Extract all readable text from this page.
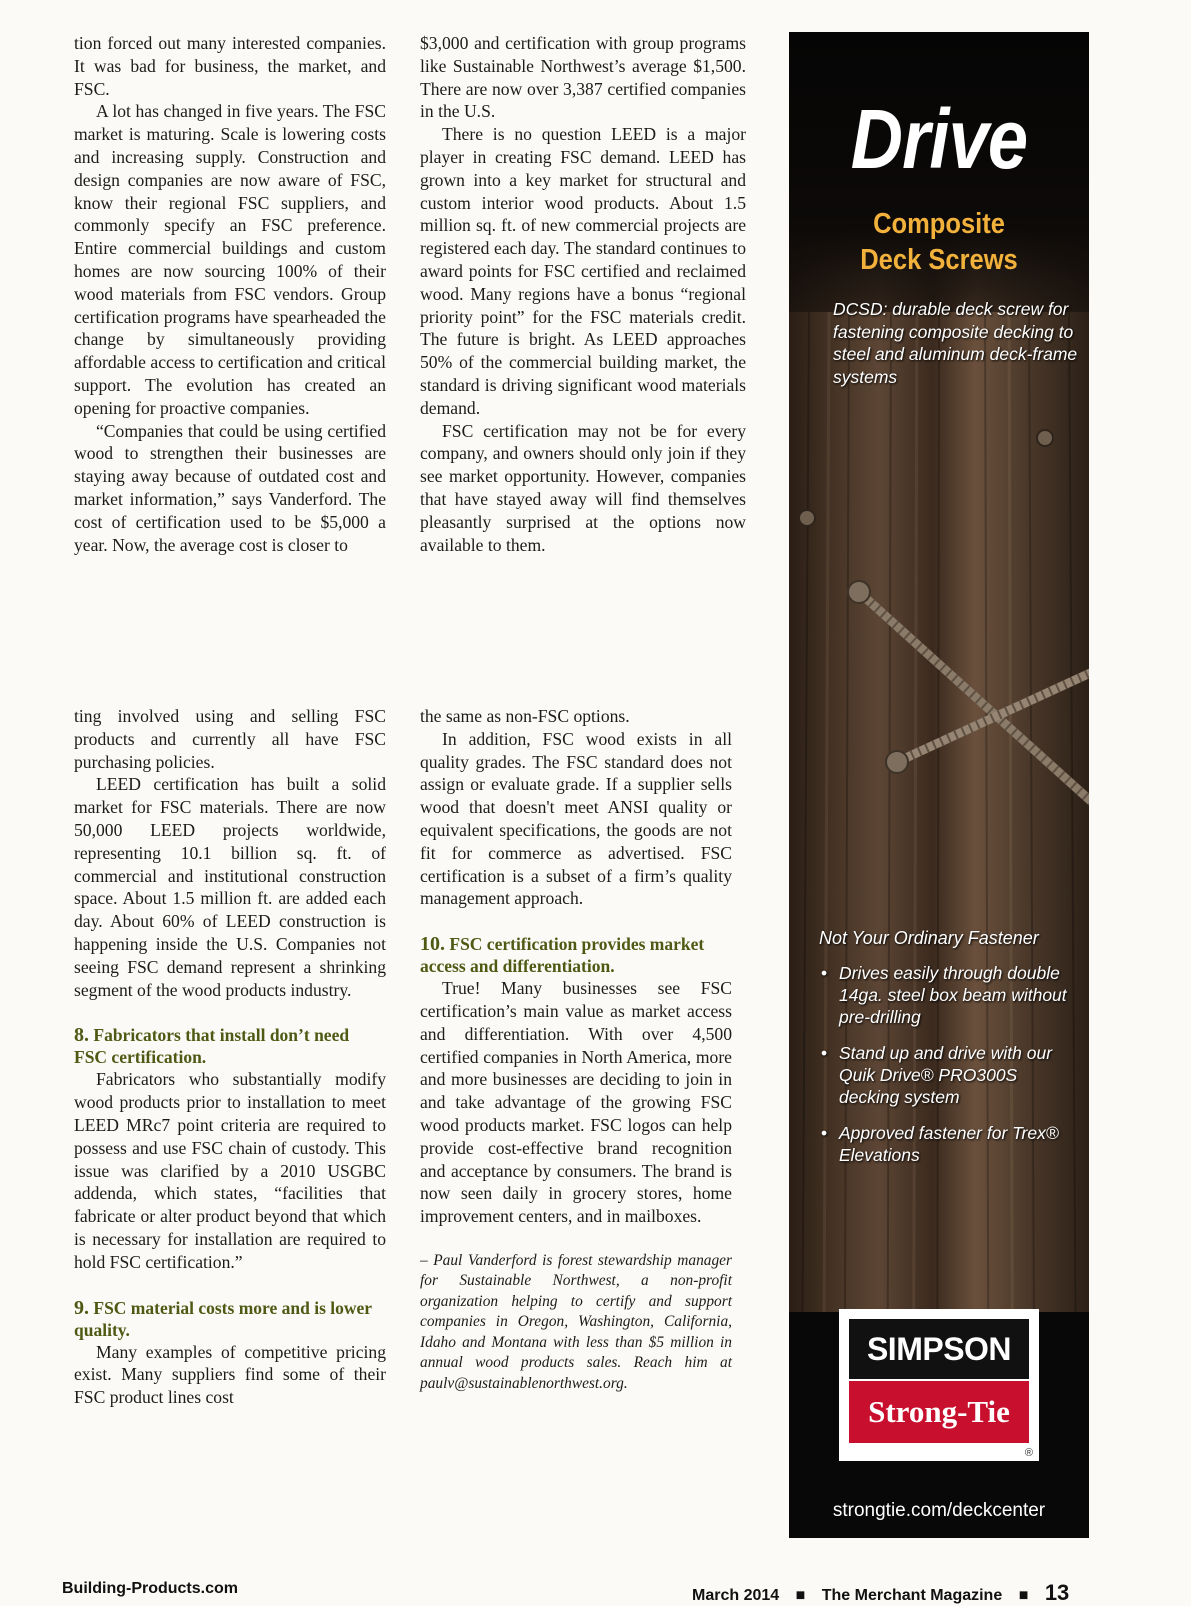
tion forced out many interested companies. It was bad for business, the market, and FSC.

A lot has changed in five years. The FSC market is maturing. Scale is lowering costs and increasing supply. Construction and design companies are now aware of FSC, know their regional FSC suppliers, and commonly specify an FSC preference. Entire commercial buildings and custom homes are now sourcing 100% of their wood materials from FSC vendors. Group certification programs have spearheaded the change by simultaneously providing affordable access to certification and critical support. The evolution has created an opening for proactive companies.

“Companies that could be using certified wood to strengthen their businesses are staying away because of outdated cost and market information,” says Vanderford. The cost of certification used to be $5,000 a year. Now, the average cost is closer to

$3,000 and certification with group programs like Sustainable Northwest’s average $1,500. There are now over 3,387 certified companies in the U.S.

There is no question LEED is a major player in creating FSC demand. LEED has grown into a key market for structural and custom interior wood products. About 1.5 million sq. ft. of new commercial projects are registered each day. The standard continues to award points for FSC certified and reclaimed wood. Many regions have a bonus “regional priority point” for the FSC materials credit. The future is bright. As LEED approaches 50% of the commercial building market, the standard is driving significant wood materials demand.

FSC certification may not be for every company, and owners should only join if they see market opportunity. However, companies that have stayed away will find themselves pleasantly surprised at the options now available to them.

ting involved using and selling FSC products and currently all have FSC purchasing policies.

LEED certification has built a solid market for FSC materials. There are now 50,000 LEED projects worldwide, representing 10.1 billion sq. ft. of commercial and institutional construction space. About 1.5 million ft. are added each day. About 60% of LEED construction is happening inside the U.S. Companies not seeing FSC demand represent a shrinking segment of the wood products industry.

8. Fabricators that install don’t need FSC certification.

Fabricators who substantially modify wood products prior to installation to meet LEED MRc7 point criteria are required to possess and use FSC chain of custody. This issue was clarified by a 2010 USGBC addenda, which states, “facilities that fabricate or alter product beyond that which is necessary for installation are required to hold FSC certification.”

9. FSC material costs more and is lower quality.

Many examples of competitive pricing exist. Many suppliers find some of their FSC product lines cost

the same as non-FSC options.

In addition, FSC wood exists in all quality grades. The FSC standard does not assign or evaluate grade. If a supplier sells wood that doesn't meet ANSI quality or equivalent specifications, the goods are not fit for commerce as advertised. FSC certification is a subset of a firm’s quality management approach.

10. FSC certification provides market access and differentiation.

True! Many businesses see FSC certification’s main value as market access and differentiation. With over 4,500 certified companies in North America, more and more businesses are deciding to join in and take advantage of the growing FSC wood products market. FSC logos can help provide cost-effective brand recognition and acceptance by consumers. The brand is now seen daily in grocery stores, home improvement centers, and in mailboxes.

– Paul Vanderford is forest stewardship manager for Sustainable Northwest, a non-profit organization helping to certify and support companies in Oregon, Washington, California, Idaho and Montana with less than $5 million in annual wood products sales. Reach him at paulv@sustainablenorthwest.org.

Drive
Composite
Deck Screws
DCSD: durable deck screw for fastening composite decking to steel and aluminum deck-frame systems
Not Your Ordinary Fastener
• Drives easily through double 14ga. steel box beam without pre-drilling
• Stand up and drive with our Quik Drive® PRO300S decking system
• Approved fastener for Trex® Elevations
SIMPSON
Strong-Tie
®
strongtie.com/deckcenter
Building-Products.com	March 2014 ■ The Merchant Magazine ■ 13
